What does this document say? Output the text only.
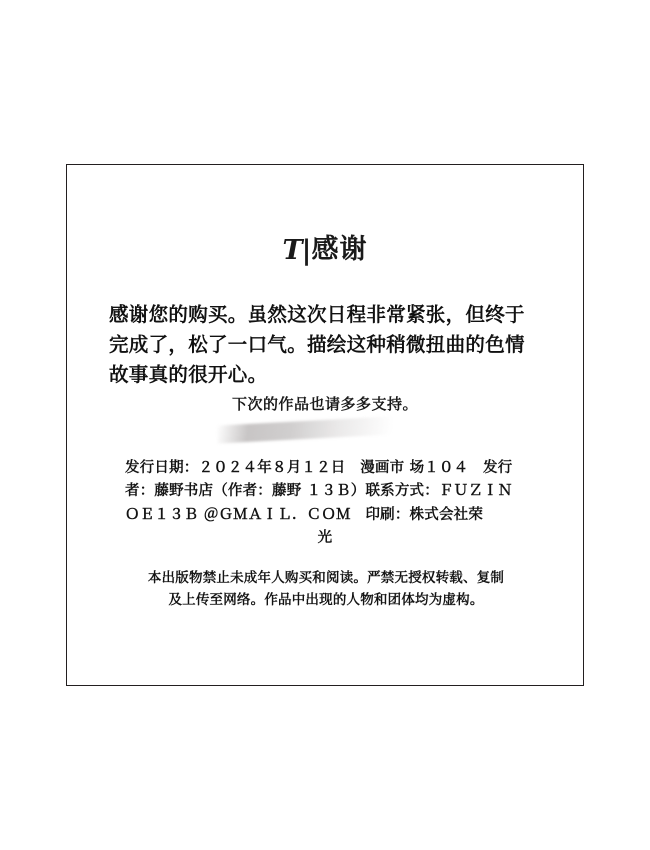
T|感谢
感谢您的购买。虽然这次日程非常紧张，但终于完成了，松了一口气。描绘这种稍微扭曲的色情故事真的很开心。
下次的作品也请多多支持。
发行日期：２０２４年８月１２日　漫画市 场１０４　发行者：藤野书店（作者：藤野 １３Ｂ）联系方式：ＦＵＺＩＮＯＥ１３Ｂ ＠ＧＭＡＩＬ．ＣＯＭ　印刷：株式会社荣
光
本出版物禁止未成年人购买和阅读。严禁无授权转载、复制
及上传至网络。作品中出现的人物和团体均为虚构。
